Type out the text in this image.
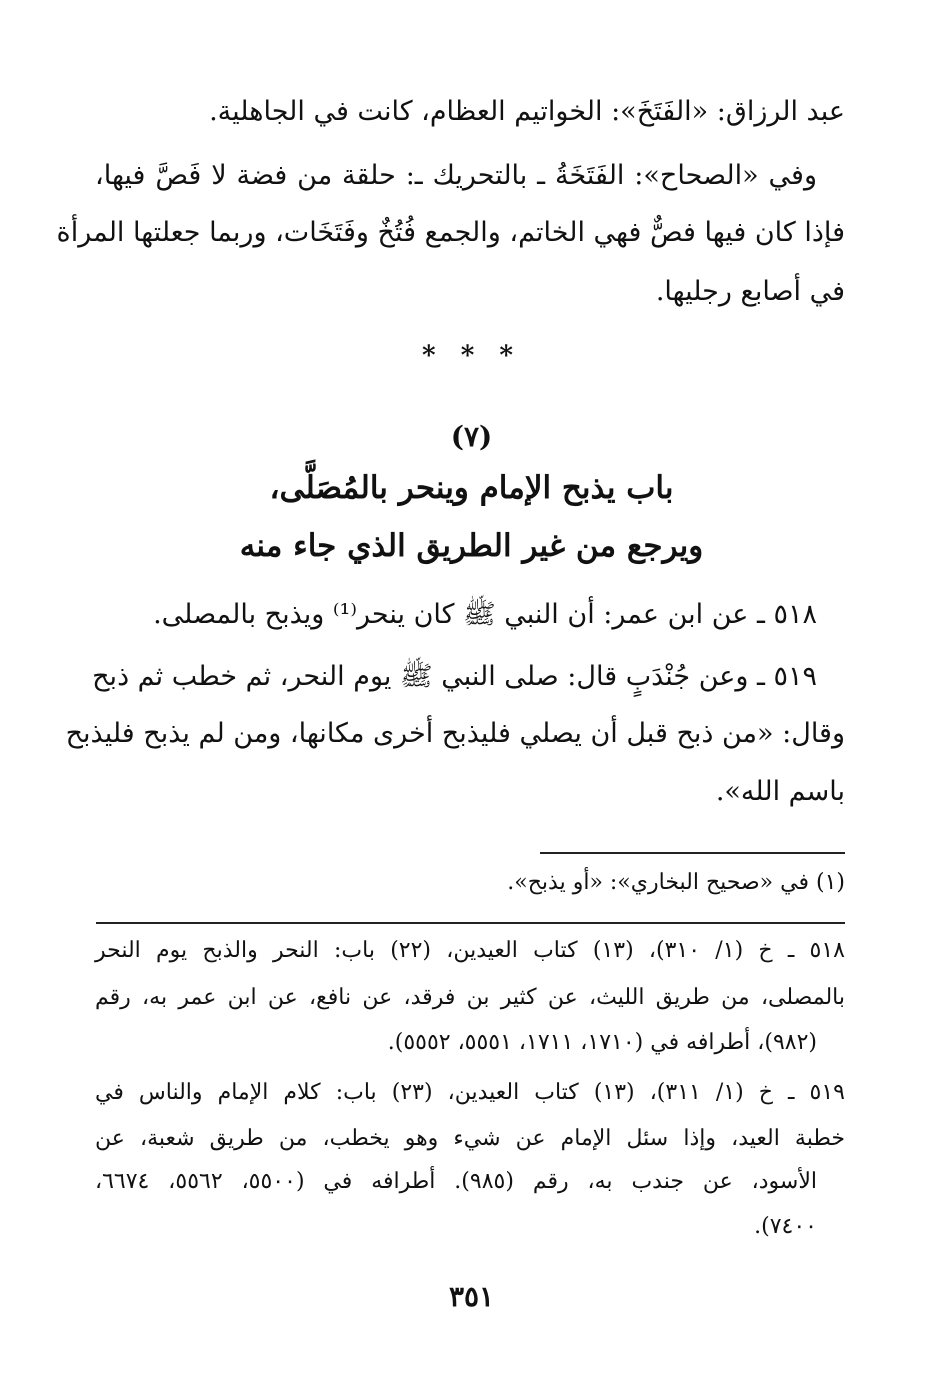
عبد الرزاق: «الفَتَخَ»: الخواتيم العظام، كانت في الجاهلية.
وفي «الصحاح»: الفَتَخَةُ ـ بالتحريك ـ: حلقة من فضة لا فَصَّ فيها،
فإذا كان فيها فصٌّ فهي الخاتم، والجمع فُتُخٌ وفَتَخَات، وربما جعلتها المرأة
في أصابع رجليها.
* * *
(٧)
باب يذبح الإمام وينحر بالمُصَلَّى،
ويرجع من غير الطريق الذي جاء منه
٥١٨ ـ عن ابن عمر: أن النبي ﷺ كان ينحر⁽¹⁾ ويذبح بالمصلى.
٥١٩ ـ وعن جُنْدَبٍ قال: صلى النبي ﷺ يوم النحر، ثم خطب ثم ذبح
وقال: «من ذبح قبل أن يصلي فليذبح أخرى مكانها، ومن لم يذبح فليذبح
باسم الله».
(١) في «صحيح البخاري»: «أو يذبح».
٥١٨ ـ خ (١/ ٣١٠)، (١٣) كتاب العيدين، (٢٢) باب: النحر والذبح يوم النحر
بالمصلى، من طريق الليث، عن كثير بن فرقد، عن نافع، عن ابن عمر به، رقم
(٩٨٢)، أطرافه في (١٧١٠، ١٧١١، ٥٥٥١، ٥٥٥٢).
٥١٩ ـ خ (١/ ٣١١)، (١٣) كتاب العيدين، (٢٣) باب: كلام الإمام والناس في
خطبة العيد، وإذا سئل الإمام عن شيء وهو يخطب، من طريق شعبة، عن
الأسود، عن جندب به، رقم (٩٨٥). أطرافه في (٥٥٠٠، ٥٥٦٢، ٦٦٧٤،
٧٤٠٠).
٣٥١
